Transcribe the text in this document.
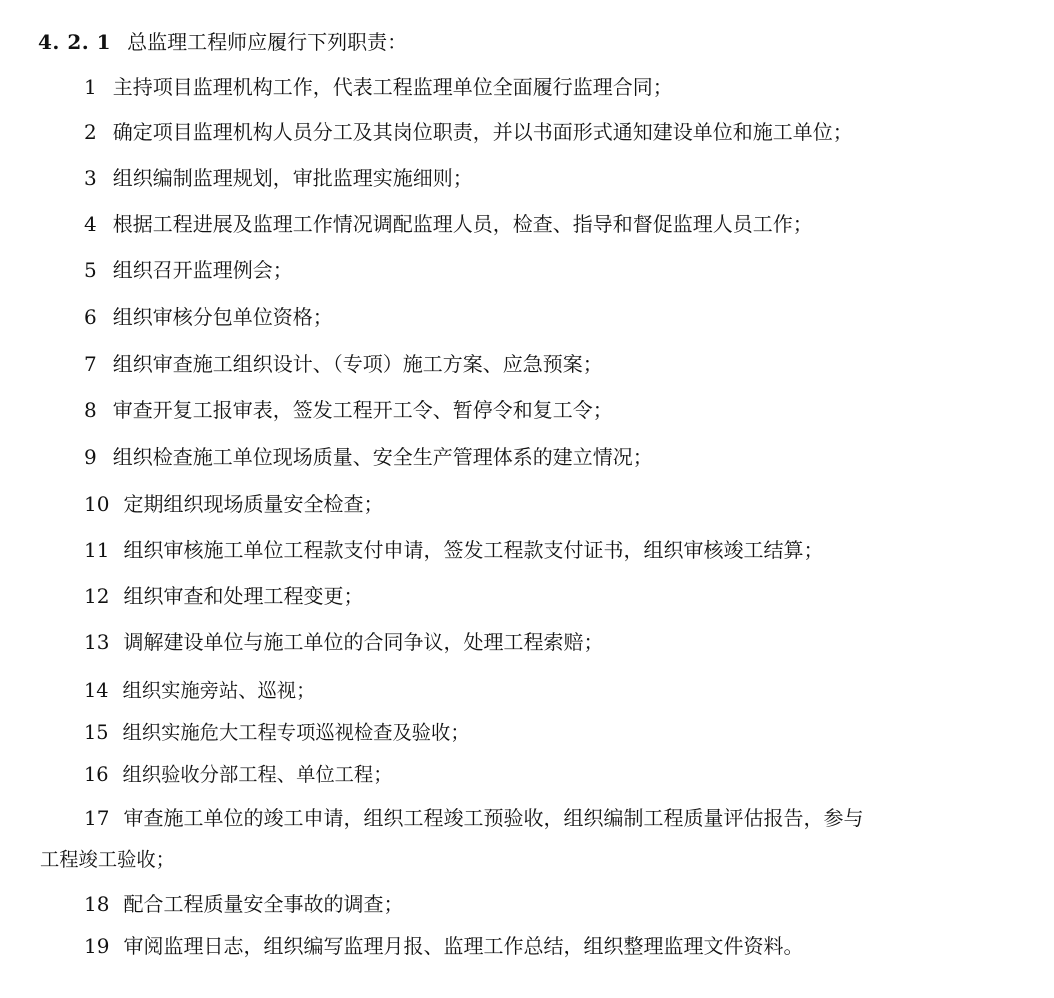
4. 2. 1 总监理工程师应履行下列职责：
1 主持项目监理机构工作，代表工程监理单位全面履行监理合同；
2 确定项目监理机构人员分工及其岗位职责，并以书面形式通知建设单位和施工单位；
3 组织编制监理规划，审批监理实施细则；
4 根据工程进展及监理工作情况调配监理人员，检查、指导和督促监理人员工作；
5 组织召开监理例会；
6 组织审核分包单位资格；
7 组织审查施工组织设计、（专项）施工方案、应急预案；
8 审查开复工报审表，签发工程开工令、暂停令和复工令；
9 组织检查施工单位现场质量、安全生产管理体系的建立情况；
10 定期组织现场质量安全检查；
11 组织审核施工单位工程款支付申请，签发工程款支付证书，组织审核竣工结算；
12 组织审查和处理工程变更；
13 调解建设单位与施工单位的合同争议，处理工程索赔；
14 组织实施旁站、巡视；
15 组织实施危大工程专项巡视检查及验收；
16 组织验收分部工程、单位工程；
17 审查施工单位的竣工申请，组织工程竣工预验收，组织编制工程质量评估报告，参与
工程竣工验收；
18 配合工程质量安全事故的调查；
19 审阅监理日志，组织编写监理月报、监理工作总结，组织整理监理文件资料。
